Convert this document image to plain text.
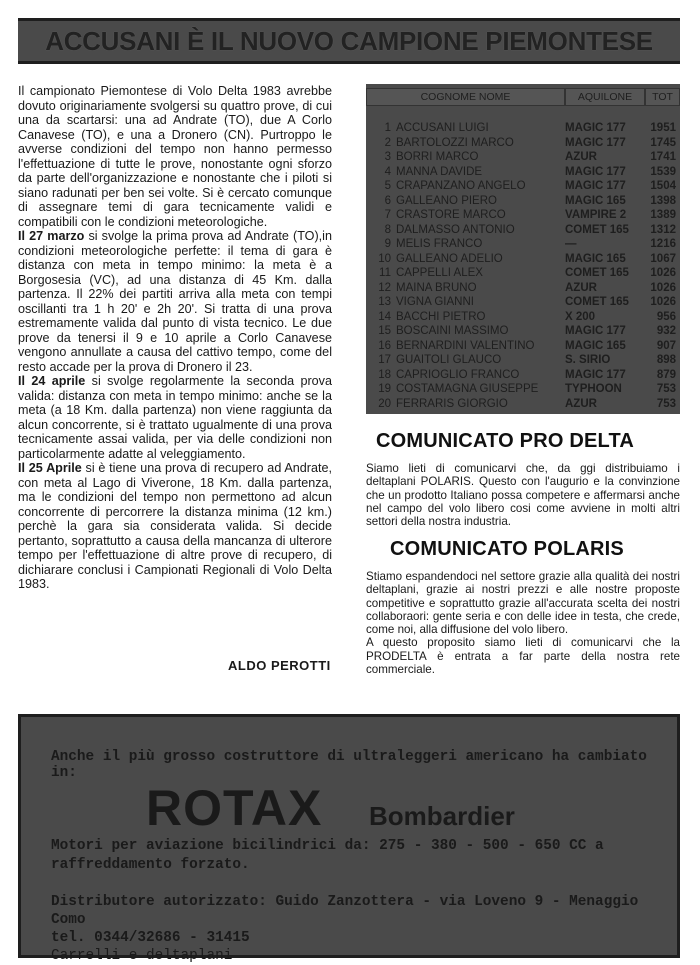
ACCUSANI È IL NUOVO CAMPIONE PIEMONTESE

Il campionato Piemontese di Volo Delta 1983 avrebbe dovuto originariamente svolgersi su quattro prove, di cui una da scartarsi: una ad Andrate (TO), due A Corlo Canavese (TO), e una a Dronero (CN). Purtroppo le avverse condizioni del tempo non hanno permesso l'effettuazione di tutte le prove, nonostante ogni sforzo da parte dell'organizzazione e nonostante che i piloti si siano radunati per ben sei volte. Si è cercato comunque di assegnare temi di gara tecnicamente validi e compatibili con le condizioni meteorologiche.

Il 27 marzo si svolge la prima prova ad Andrate (TO),in condizioni meteorologiche perfette: il tema di gara è distanza con meta in tempo minimo: la meta è a Borgosesia (VC), ad una distanza di 45 Km. dalla partenza. Il 22% dei partiti arriva alla meta con tempi oscillanti tra 1 h 20' e 2h 20'. Si tratta di una prova estremamente valida dal punto di vista tecnico. Le due prove da tenersi il 9 e 10 aprile a Corlo Canavese vengono annullate a causa del cattivo tempo, come del resto accade per la prova di Dronero il 23.

Il 24 aprile si svolge regolarmente la seconda prova valida: distanza con meta in tempo minimo: anche se la meta (a 18 Km. dalla partenza) non viene raggiunta da alcun concorrente, si è trattato ugualmente di una prova tecnicamente assai valida, per via delle condizioni non particolarmente adatte al veleggiamento.

Il 25 Aprile si è tiene una prova di recupero ad Andrate, con meta al Lago di Viverone, 18 Km. dalla partenza, ma le condizioni del tempo non permettono ad alcun concorrente di percorrere la distanza minima (12 km.) perchè la gara sia considerata valida. Si decide pertanto, soprattutto a causa della mancanza di ulterore tempo per l'effettuazione di altre prove di recupero, di dichiarare conclusi i Campionati Regionali di Volo Delta 1983.

ALDO PEROTTI
COGNOME NOME	AQUILONE	TOT
1 ACCUSANI LUIGI	MAGIC 177	1951
2 BARTOLOZZI MARCO	MAGIC 177	1745
3 BORRI MARCO	AZUR	1741
4 MANNA DAVIDE	MAGIC 177	1539
5 CRAPANZANO ANGELO	MAGIC 177	1504
6 GALLEANO PIERO	MAGIC 165	1398
7 CRASTORE MARCO	VAMPIRE 2	1389
8 DALMASSO ANTONIO	COMET 165	1312
9 MELIS FRANCO	—	1216
10 GALLEANO ADELIO	MAGIC 165	1067
11 CAPPELLI ALEX	COMET 165	1026
12 MAINA BRUNO	AZUR	1026
13 VIGNA GIANNI	COMET 165	1026
14 BACCHI PIETRO	X 200	956
15 BOSCAINI MASSIMO	MAGIC 177	932
16 BERNARDINI VALENTINO	MAGIC 165	907
17 GUAITOLI GLAUCO	S. SIRIO	898
18 CAPRIOGLIO FRANCO	MAGIC 177	879
19 COSTAMAGNA GIUSEPPE	TYPHOON	753
20 FERRARIS GIORGIO	AZUR	753
COMUNICATO PRO DELTA

Siamo lieti di comunicarvi che, da ggi distribuiamo i deltaplani POLARIS. Questo con l'augurio e la convinzione che un prodotto Italiano possa competere e affermarsi anche nel campo del volo libero cosi come avviene in molti altri settori della nostra industria.

COMUNICATO POLARIS

Stiamo espandendoci nel settore grazie alla qualità dei nostri deltaplani, grazie ai nostri prezzi e alle nostre proposte competitive e soprattutto grazie all'accurata scelta dei nostri collaboraori: gente seria e con delle idee in testa, che crede, come noi, alla diffusione del volo libero.

A questo proposito siamo lieti di comunicarvi che la PRODELTA è entrata a far parte della nostra rete commerciale.

Anche il più grosso costruttore di ultraleggeri americano ha cambiato in:
ROTAX Bombardier
Motori per aviazione bicilindrici da: 275 - 380 - 500 - 650 CC a raffreddamento forzato.
Distributore autorizzato: Guido Zanzottera - via Loveno 9 - Menaggio Como
tel. 0344/32686 - 31415
Carrelli e deltaplani
